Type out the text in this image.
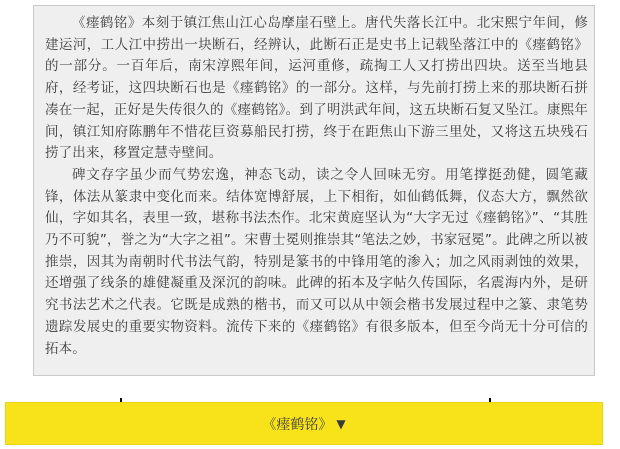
《瘗鹤铭》本刻于镇江焦山江心岛摩崖石壁上。唐代失落长江中。北宋熙宁年间，修建运河，工人江中捞出一块断石，经辨认，此断石正是史书上记载坠落江中的《瘗鹤铭》的一部分。一百年后，南宋淳熙年间，运河重修，疏掏工人又打捞出四块。送至当地县府，经考证，这四块断石也是《瘗鹤铭》的一部分。这样，与先前打捞上来的那块断石拼凑在一起，正好是失传很久的《瘗鹤铭》。到了明洪武年间，这五块断石复又坠江。康熙年间，镇江知府陈鹏年不惜花巨资募船民打捞，终于在距焦山下游三里处，又将这五块残石捞了出来，移置定慧寺壁间。

碑文存字虽少而气势宏逸，神态飞动，读之令人回味无穷。用笔撑挺劲健，圆笔藏锋，体法从篆隶中变化而来。结体宽博舒展，上下相衔，如仙鹤低舞，仪态大方，飘然欲仙，字如其名，表里一致，堪称书法杰作。北宋黄庭坚认为“大字无过《瘗鹤铭》”、“其胜乃不可貌”，誉之为“大字之祖”。宋曹士冕则推崇其“笔法之妙，书家冠冕”。此碑之所以被推崇，因其为南朝时代书法气韵，特别是篆书的中锋用笔的渗入；加之风雨剥蚀的效果，还增强了线条的雄健凝重及深沉的韵味。此碑的拓本及字帖久传国际，名震海内外，是研究书法艺术之代表。它既是成熟的楷书，而又可以从中领会楷书发展过程中之篆、隶笔势遗踪发展史的重要实物资料。流传下来的《瘗鹤铭》有很多版本，但至今尚无十分可信的拓本。

《瘗鹤铭》 ▼
